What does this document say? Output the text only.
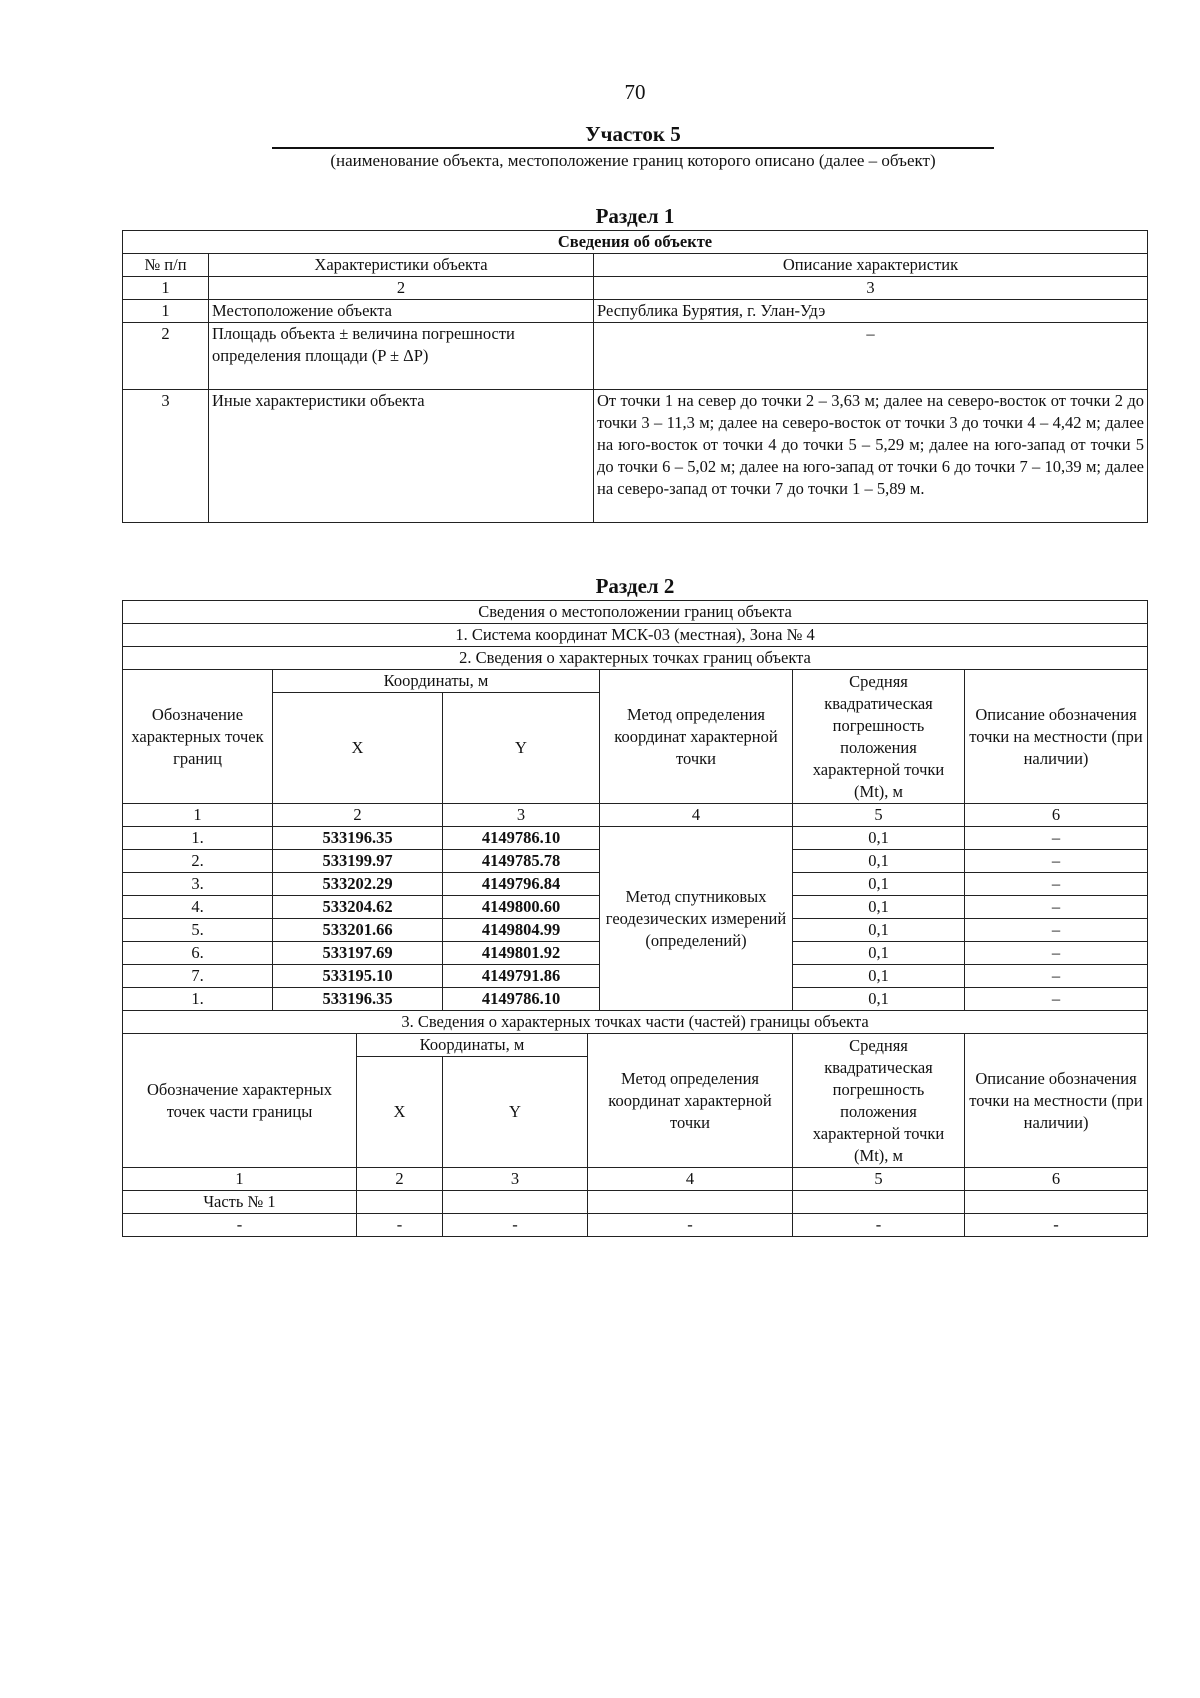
70
Участок 5
(наименование объекта, местоположение границ которого описано (далее – объект)
Раздел 1
Сведения об объекте		
№ п/п	Характеристики объекта	Описание характеристик
1	2	3
1	Местоположение объекта	Республика Бурятия, г. Улан-Удэ
2	Площадь объекта ± величина погрешности определения площади (P ± ΔP)	–
3	Иные характеристики объекта	От точки 1 на север до точки 2 – 3,63 м; далее на северо-восток от точки 2 до точки 3 – 11,3 м; далее на северо-восток от точки 3 до точки 4 – 4,42 м; далее на юго-восток от точки 4 до точки 5 – 5,29 м; далее на юго-запад от точки 5 до точки 6 – 5,02 м; далее на юго-запад от точки 6 до точки 7 – 10,39 м; далее на северо-запад от точки 7 до точки 1 – 5,89 м.
Раздел 2
Сведения о местоположении границ объекта					
1. Система координат МСК-03 (местная), Зона № 4					
2. Сведения о характерных точках границ объекта					
Обозначение характерных точек границ	Координаты, м		Метод определения координат характерной точки	Средняя квадратическая погрешность положения характерной точки (Mt), м	Описание обозначения точки на местности (при наличии)
	X	Y			
1	2	3	4	5	6
1.	533196.35	4149786.10	Метод спутниковых геодезических измерений (определений)	0,1	–
2.	533199.97	4149785.78		0,1	–
3.	533202.29	4149796.84		0,1	–
4.	533204.62	4149800.60		0,1	–
5.	533201.66	4149804.99		0,1	–
6.	533197.69	4149801.92		0,1	–
7.	533195.10	4149791.86		0,1	–
1.	533196.35	4149786.10		0,1	–
3. Сведения о характерных точках части (частей) границы объекта					
Обозначение характерных точек части границы	Координаты, м		Метод определения координат характерной точки	Средняя квадратическая погрешность положения характерной точки (Mt), м	Описание обозначения точки на местности (при наличии)
	X	Y			
1	2	3	4	5	6
Часть № 1					
-	-	-	-	-	-
